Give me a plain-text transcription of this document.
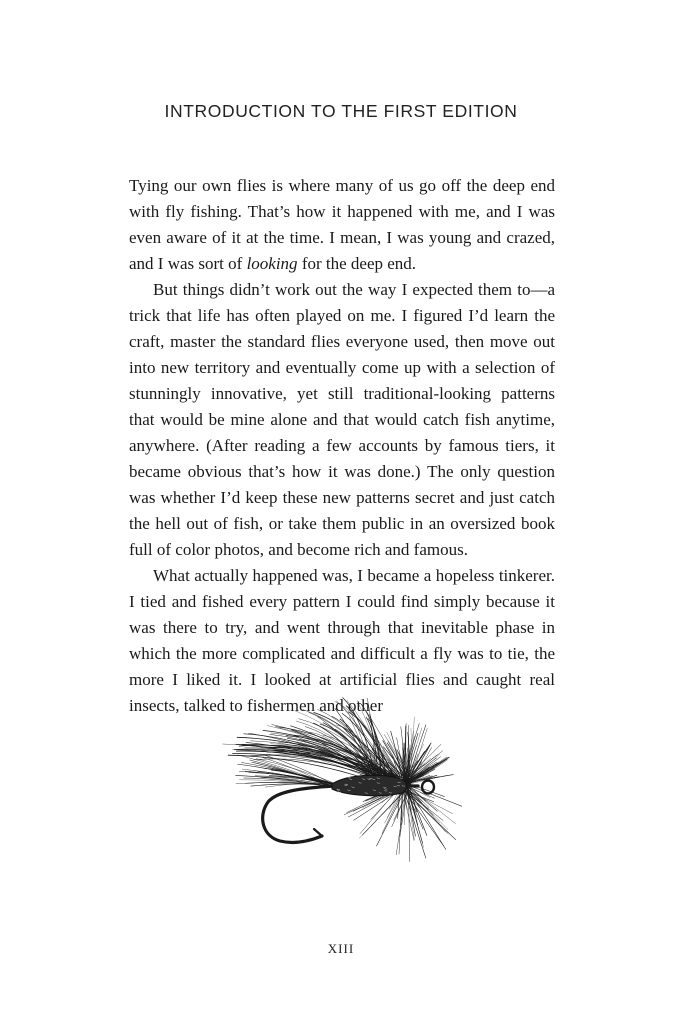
INTRODUCTION TO THE FIRST EDITION

Tying our own flies is where many of us go off the deep end with fly fishing. That’s how it happened with me, and I was even aware of it at the time. I mean, I was young and crazed, and I was sort of looking for the deep end.

But things didn’t work out the way I expected them to—a trick that life has often played on me. I figured I’d learn the craft, master the standard flies everyone used, then move out into new territory and eventually come up with a selection of stunningly innovative, yet still traditional-looking patterns that would be mine alone and that would catch fish anytime, anywhere. (After reading a few accounts by famous tiers, it became obvious that’s how it was done.) The only question was whether I’d keep these new patterns secret and just catch the hell out of fish, or take them public in an oversized book full of color photos, and become rich and famous.

What actually happened was, I became a hopeless tinkerer. I tied and fished every pattern I could find simply because it was there to try, and went through that inevitable phase in which the more complicated and difficult a fly was to tie, the more I liked it. I looked at artificial flies and caught real insects, talked to fishermen and other

XIII
